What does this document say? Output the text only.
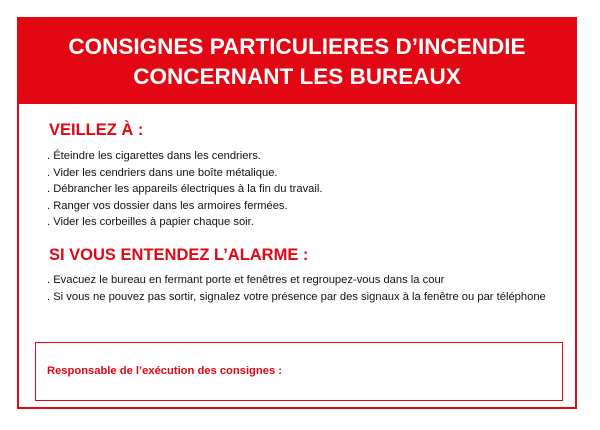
CONSIGNES PARTICULIERES D’INCENDIE
CONCERNANT LES BUREAUX
VEILLEZ À :
. Éteindre les cigarettes dans les cendriers.
. Vider les cendriers dans une boîte métalique.
. Débrancher les appareils électriques à la fin du travail.
. Ranger vos dossier dans les armoires fermées.
. Vider les corbeilles à papier chaque soir.
SI VOUS ENTENDEZ L’ALARME :
. Evacuez le bureau en fermant porte et fenêtres et regroupez-vous dans la cour
. Si vous ne pouvez pas sortir, signalez votre présence par des signaux à la fenêtre ou par téléphone
Responsable de l’exécution des consignes :
·
